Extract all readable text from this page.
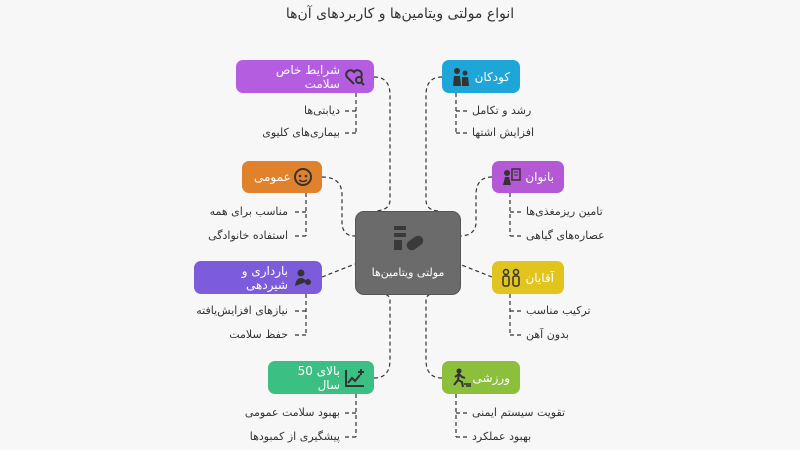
انواع مولتی ویتامین‌ها و کاربردهای آن‌ها
شرایط خاص سلامت
دیابتی‌ها
بیماری‌های کلیوی
عمومی
مناسب برای همه
استفاده خانوادگی
بارداری و شیردهی
نیازهای افزایش‌یافته
حفظ سلامت
بالای 50 سال
بهبود سلامت عمومی
پیشگیری از کمبودها
کودکان
رشد و تکامل
افزایش اشتها
بانوان
تامین ریزمغذی‌ها
عصاره‌های گیاهی
آقایان
ترکیب مناسب
بدون آهن
ورزشی
تقویت سیستم ایمنی
بهبود عملکرد
مولتی ویتامین‌ها
